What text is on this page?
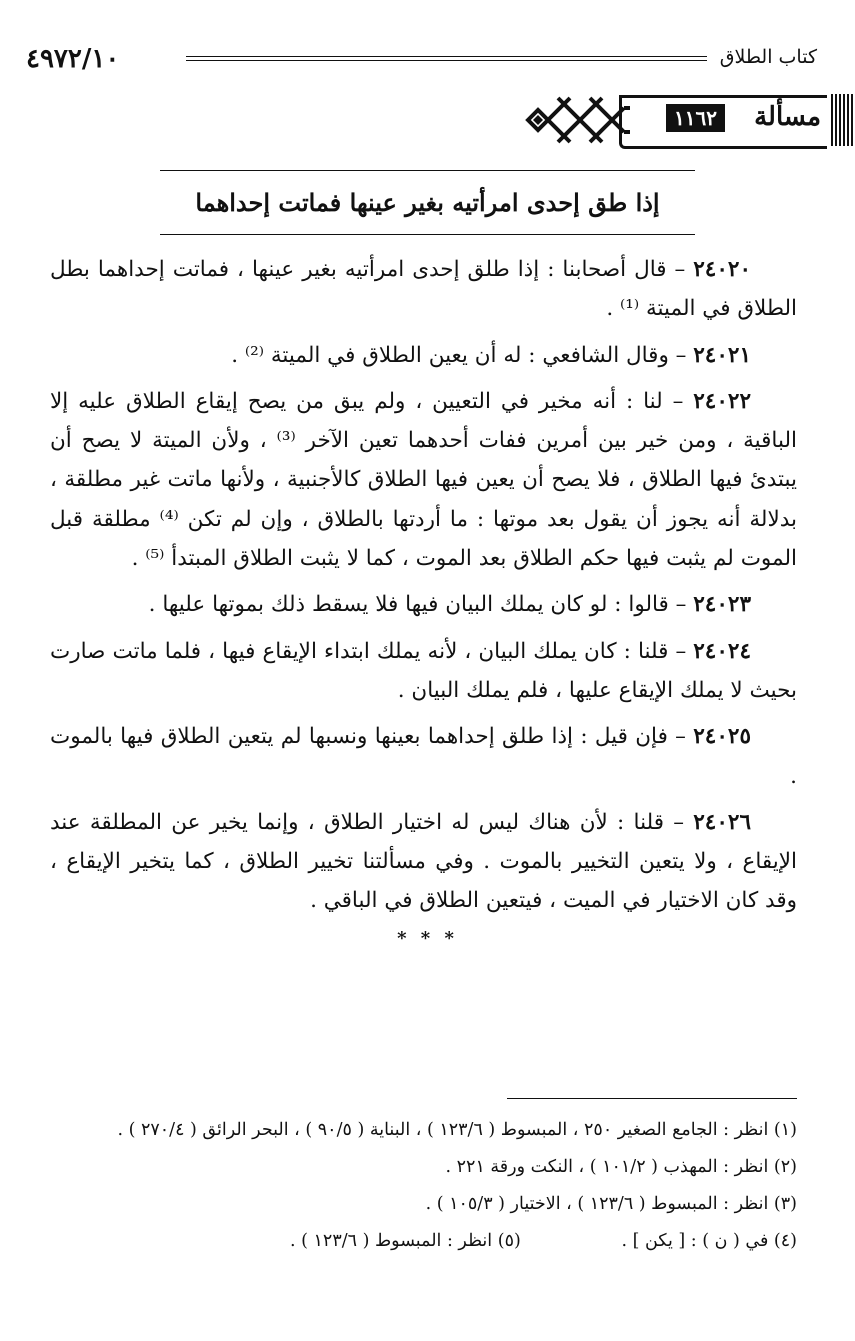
كتاب الطلاق
٤٩٧٢/١٠
مسألة
١١٦٢
إذا طق إحدى امرأتيه بغير عينها فماتت إحداهما

٢٤٠٢٠ – قال أصحابنا : إذا طلق إحدى امرأتيه بغير عينها ، فماتت إحداهما بطل الطلاق في الميتة ⁽¹⁾ .

٢٤٠٢١ – وقال الشافعي : له أن يعين الطلاق في الميتة ⁽²⁾ .

٢٤٠٢٢ – لنا : أنه مخير في التعيين ، ولم يبق من يصح إيقاع الطلاق عليه إلا الباقية ، ومن خير بين أمرين ففات أحدهما تعين الآخر ⁽³⁾ ، ولأن الميتة لا يصح أن يبتدئ فيها الطلاق ، فلا يصح أن يعين فيها الطلاق كالأجنبية ، ولأنها ماتت غير مطلقة ، بدلالة أنه يجوز أن يقول بعد موتها : ما أردتها بالطلاق ، وإن لم تكن ⁽⁴⁾ مطلقة قبل الموت لم يثبت فيها حكم الطلاق بعد الموت ، كما لا يثبت الطلاق المبتدأ ⁽⁵⁾ .

٢٤٠٢٣ – قالوا : لو كان يملك البيان فيها فلا يسقط ذلك بموتها عليها .

٢٤٠٢٤ – قلنا : كان يملك البيان ، لأنه يملك ابتداء الإيقاع فيها ، فلما ماتت صارت بحيث لا يملك الإيقاع عليها ، فلم يملك البيان .

٢٤٠٢٥ – فإن قيل : إذا طلق إحداهما بعينها ونسبها لم يتعين الطلاق فيها بالموت .

٢٤٠٢٦ – قلنا : لأن هناك ليس له اختيار الطلاق ، وإنما يخير عن المطلقة عند الإيقاع ، ولا يتعين التخيير بالموت . وفي مسألتنا تخيير الطلاق ، كما يتخير الإيقاع ، وقد كان الاختيار في الميت ، فيتعين الطلاق في الباقي .

* * *
(١) انظر : الجامع الصغير ٢٥٠ ، المبسوط ( ١٢٣/٦ ) ، البناية ( ٩٠/٥ ) ، البحر الرائق ( ٢٧٠/٤ ) .
(٢) انظر : المهذب ( ١٠١/٢ ) ، النكت ورقة ٢٢١ .
(٣) انظر : المبسوط ( ١٢٣/٦ ) ، الاختيار ( ١٠٥/٣ ) .
(٤) في ( ن ) : [ يكن ] .
(٥) انظر : المبسوط ( ١٢٣/٦ ) .
